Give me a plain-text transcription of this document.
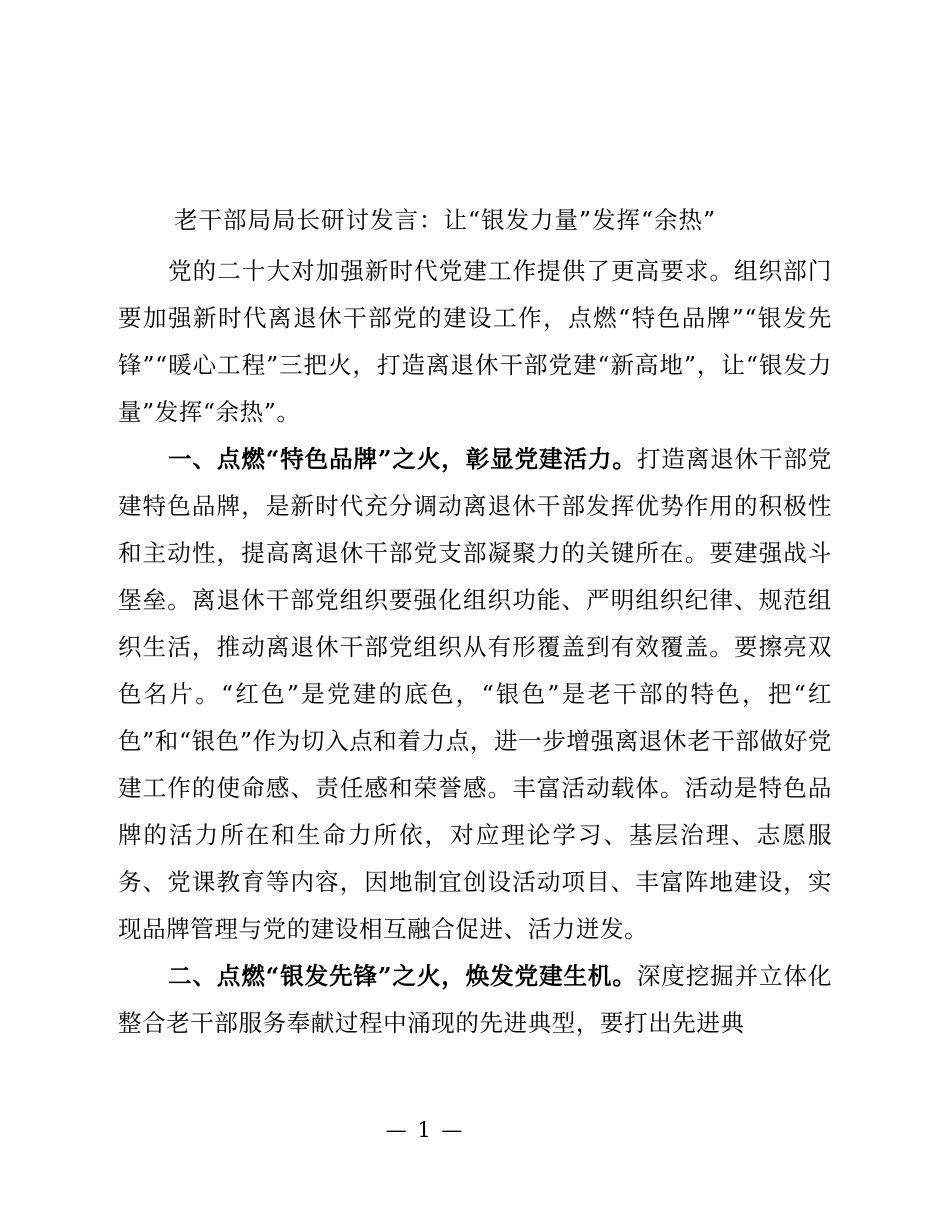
老干部局局长研讨发言：让“银发力量”发挥“余热”

党的二十大对加强新时代党建工作提供了更高要求。组织部门要加强新时代离退休干部党的建设工作，点燃“特色品牌”“银发先锋”“暖心工程”三把火，打造离退休干部党建“新高地”，让“银发力量”发挥“余热”。

一、点燃“特色品牌”之火，彰显党建活力。打造离退休干部党建特色品牌，是新时代充分调动离退休干部发挥优势作用的积极性和主动性，提高离退休干部党支部凝聚力的关键所在。要建强战斗堡垒。离退休干部党组织要强化组织功能、严明组织纪律、规范组织生活，推动离退休干部党组织从有形覆盖到有效覆盖。要擦亮双色名片。“红色”是党建的底色，“银色”是老干部的特色，把“红色”和“银色”作为切入点和着力点，进一步增强离退休老干部做好党建工作的使命感、责任感和荣誉感。丰富活动载体。活动是特色品牌的活力所在和生命力所依，对应理论学习、基层治理、志愿服务、党课教育等内容，因地制宜创设活动项目、丰富阵地建设，实现品牌管理与党的建设相互融合促进、活力迸发。

二、点燃“银发先锋”之火，焕发党建生机。深度挖掘并立体化整合老干部服务奉献过程中涌现的先进典型，要打出先进典

— 1 —
